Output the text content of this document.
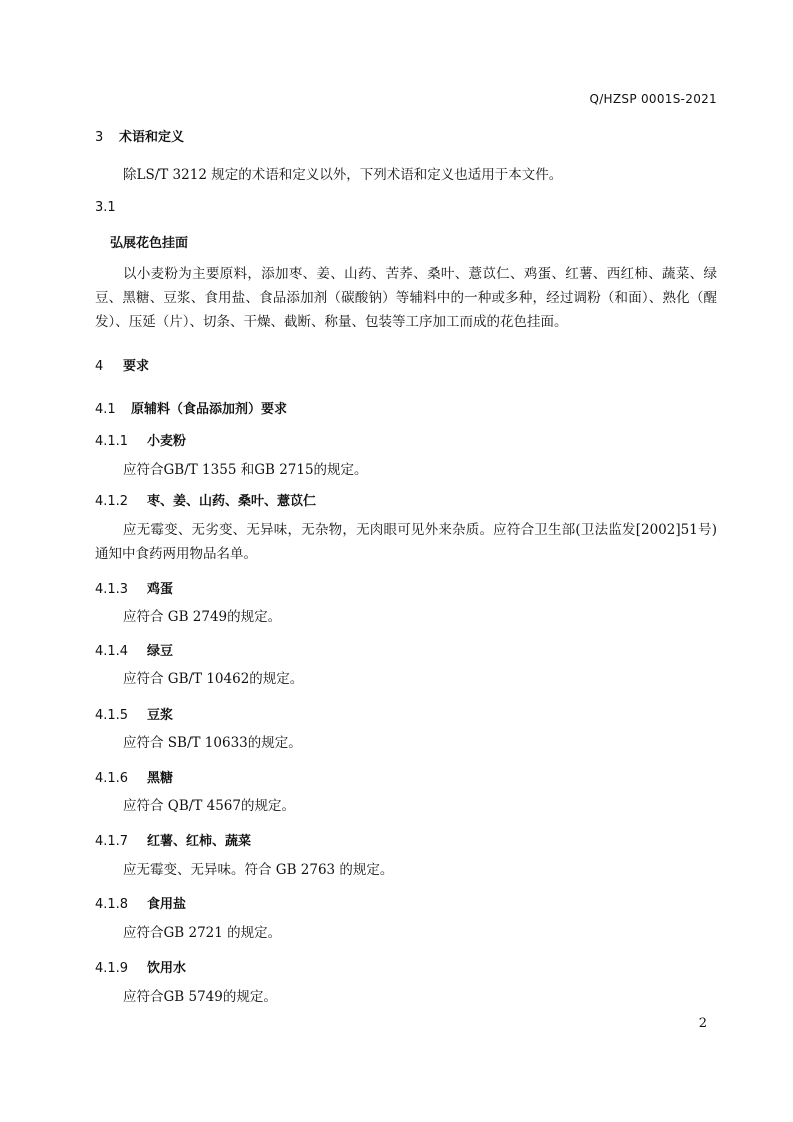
Q/HZSP 0001S-2021
3 术语和定义
除LS/T 3212 规定的术语和定义以外，下列术语和定义也适用于本文件。
3.1
弘展花色挂面
以小麦粉为主要原料，添加枣、姜、山药、苦荞、桑叶、薏苡仁、鸡蛋、红薯、西红柿、蔬菜、绿豆、黑糖、豆浆、食用盐、食品添加剂（碳酸钠）等辅料中的一种或多种，经过调粉（和面）、熟化（醒发）、压延（片）、切条、干燥、截断、称量、包装等工序加工而成的花色挂面。
4 要求
4.1 原辅料（食品添加剂）要求
4.1.1 小麦粉
应符合GB/T 1355 和GB 2715的规定。
4.1.2 枣、姜、山药、桑叶、薏苡仁
应无霉变、无劣变、无异味，无杂物，无肉眼可见外来杂质。应符合卫生部(卫法监发[2002]51号)通知中食药两用物品名单。
4.1.3 鸡蛋
应符合 GB 2749的规定。
4.1.4 绿豆
应符合 GB/T 10462的规定。
4.1.5 豆浆
应符合 SB/T 10633的规定。
4.1.6 黑糖
应符合 QB/T 4567的规定。
4.1.7 红薯、红柿、蔬菜
应无霉变、无异味。符合 GB 2763 的规定。
4.1.8 食用盐
应符合GB 2721 的规定。
4.1.9 饮用水
应符合GB 5749的规定。
2
